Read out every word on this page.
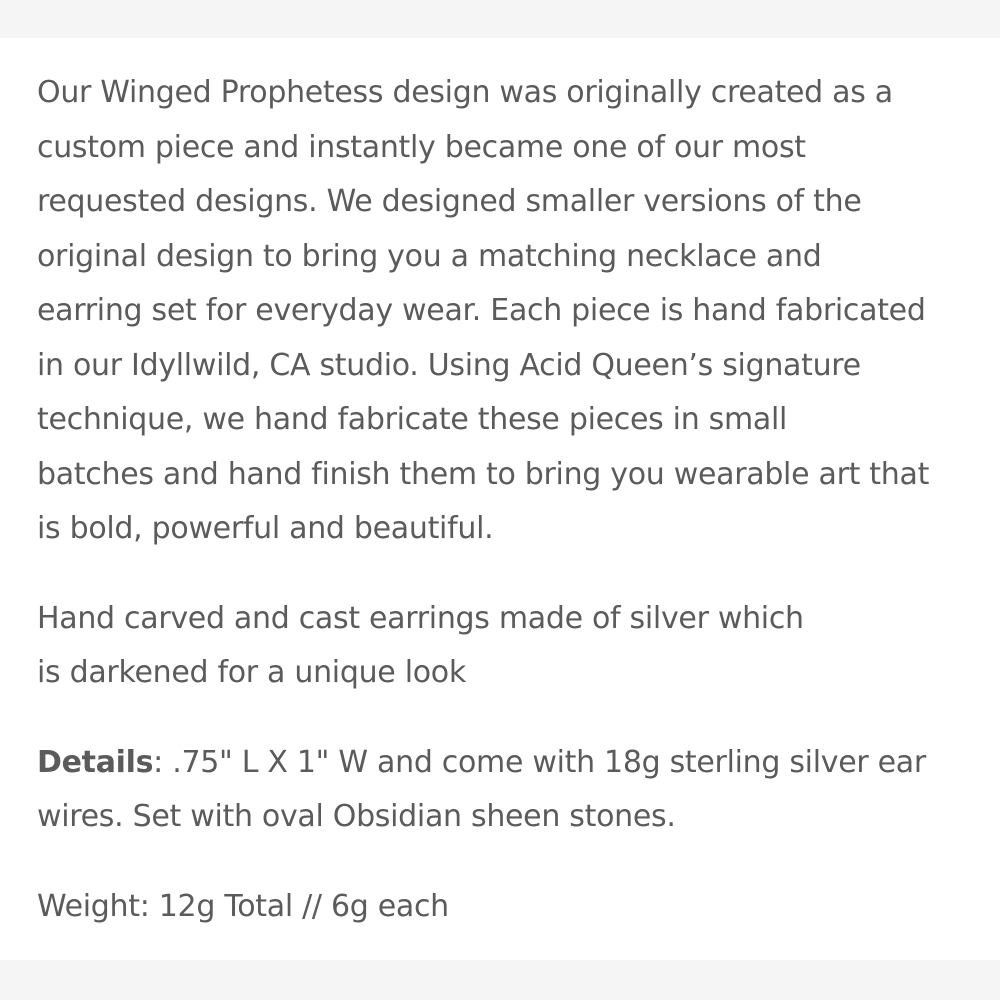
Our Winged Prophetess design was originally created as a
custom piece and instantly became one of our most
requested designs. We designed smaller versions of the
original design to bring you a matching necklace and
earring set for everyday wear. Each piece is hand fabricated
in our Idyllwild, CA studio. Using Acid Queen’s signature
technique, we hand fabricate these pieces in small
batches and hand finish them to bring you wearable art that
is bold, powerful and beautiful.

Hand carved and cast earrings made of silver which
is darkened for a unique look

Details: .75" L X 1" W and come with 18g sterling silver ear
wires. Set with oval Obsidian sheen stones.

Weight: 12g Total // 6g each
